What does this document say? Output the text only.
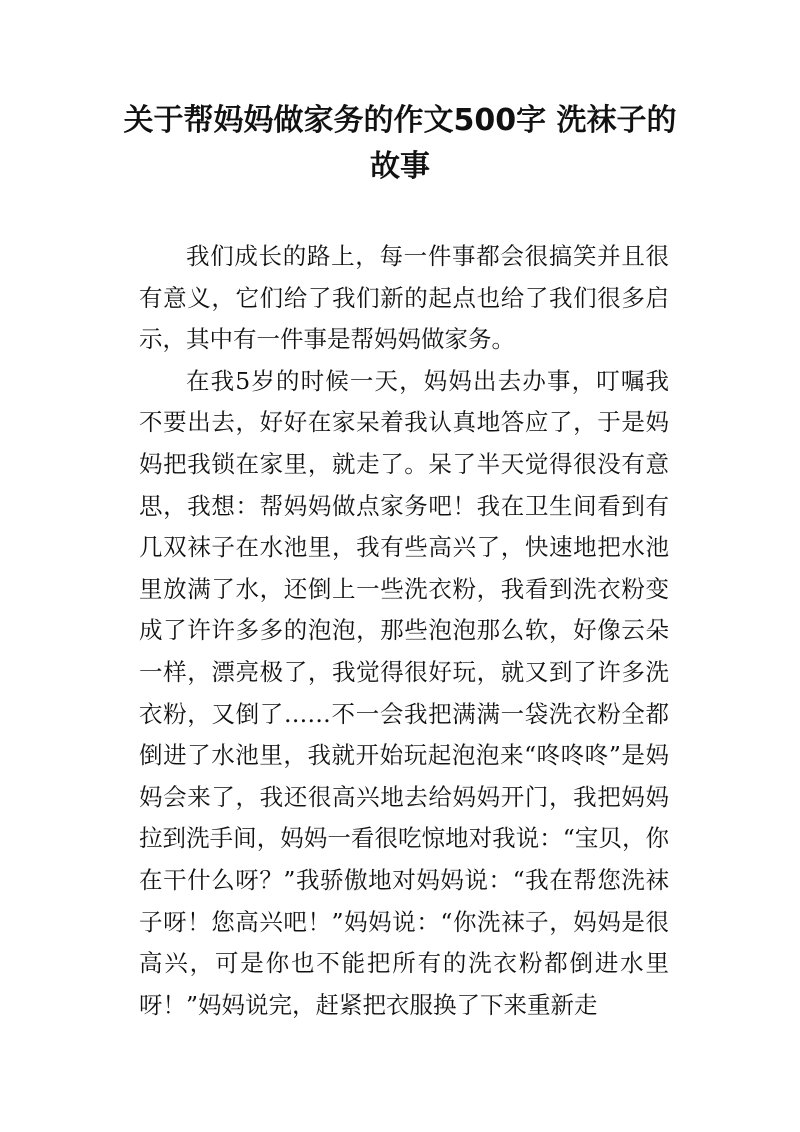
关于帮妈妈做家务的作文500字 洗袜子的故事

我们成长的路上，每一件事都会很搞笑并且很有意义，它们给了我们新的起点也给了我们很多启示，其中有一件事是帮妈妈做家务。

在我5岁的时候一天，妈妈出去办事，叮嘱我不要出去，好好在家呆着我认真地答应了，于是妈妈把我锁在家里，就走了。呆了半天觉得很没有意思，我想：帮妈妈做点家务吧！我在卫生间看到有几双袜子在水池里，我有些高兴了，快速地把水池里放满了水，还倒上一些洗衣粉，我看到洗衣粉变成了许许多多的泡泡，那些泡泡那么软，好像云朵一样，漂亮极了，我觉得很好玩，就又到了许多洗衣粉，又倒了……不一会我把满满一袋洗衣粉全都倒进了水池里，我就开始玩起泡泡来“咚咚咚”是妈妈会来了，我还很高兴地去给妈妈开门，我把妈妈拉到洗手间，妈妈一看很吃惊地对我说：“宝贝，你在干什么呀？”我骄傲地对妈妈说：“我在帮您洗袜子呀！您高兴吧！”妈妈说：“你洗袜子，妈妈是很高兴，可是你也不能把所有的洗衣粉都倒进水里呀！”妈妈说完，赶紧把衣服换了下来重新走
